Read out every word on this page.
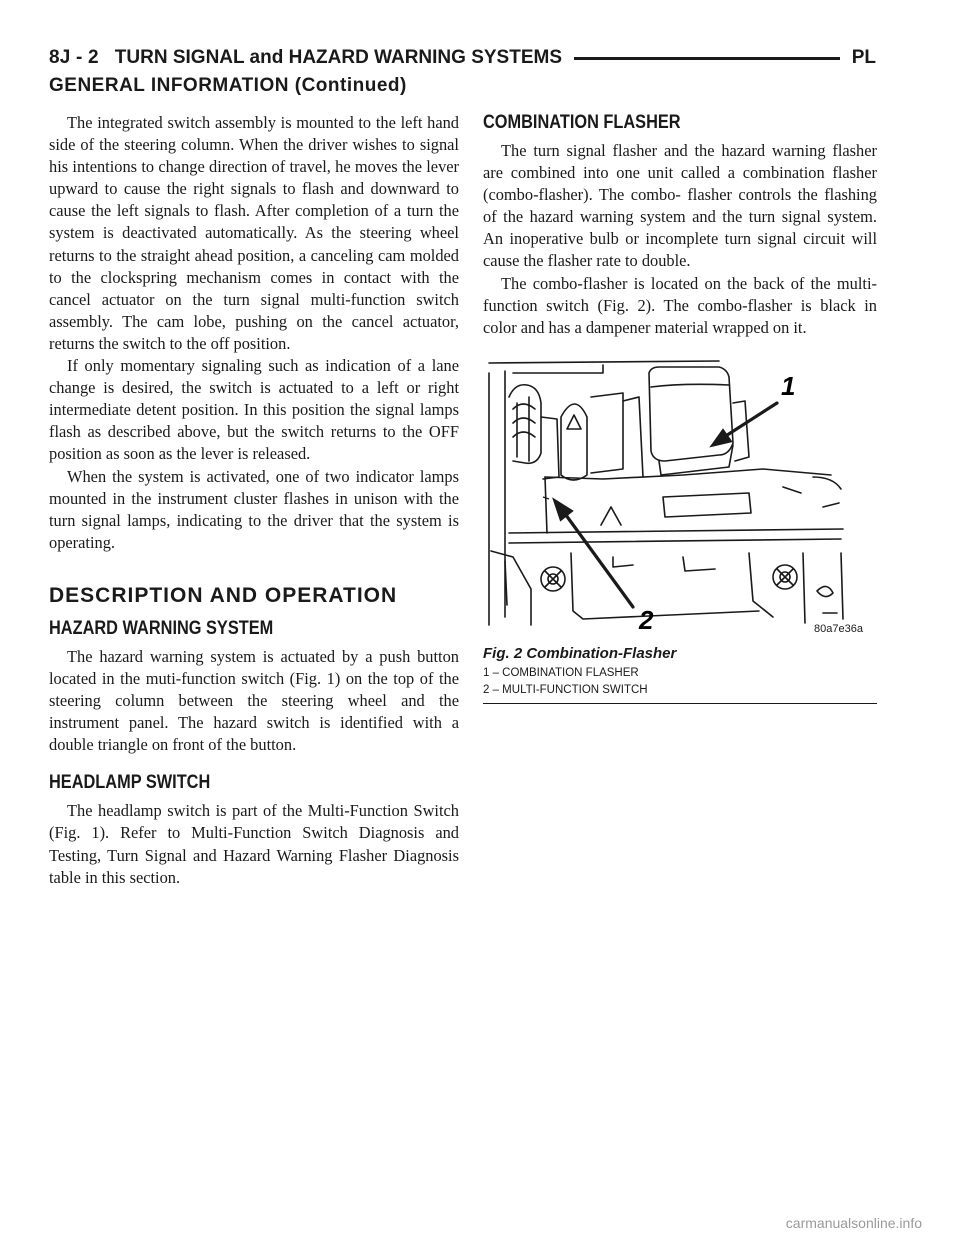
8J - 2 TURN SIGNAL and HAZARD WARNING SYSTEMS	PL
GENERAL INFORMATION (Continued)

The integrated switch assembly is mounted to the left hand side of the steering column. When the driver wishes to signal his intentions to change direction of travel, he moves the lever upward to cause the right signals to flash and downward to cause the left signals to flash. After completion of a turn the system is deactivated automatically. As the steering wheel returns to the straight ahead position, a canceling cam molded to the clockspring mechanism comes in contact with the cancel actuator on the turn signal multi-function switch assembly. The cam lobe, pushing on the cancel actuator, returns the switch to the off position.

If only momentary signaling such as indication of a lane change is desired, the switch is actuated to a left or right intermediate detent position. In this position the signal lamps flash as described above, but the switch returns to the OFF position as soon as the lever is released.

When the system is activated, one of two indicator lamps mounted in the instrument cluster flashes in unison with the turn signal lamps, indicating to the driver that the system is operating.

DESCRIPTION AND OPERATION
HAZARD WARNING SYSTEM

The hazard warning system is actuated by a push button located in the muti-function switch (Fig. 1) on the top of the steering column between the steering wheel and the instrument panel. The hazard switch is identified with a double triangle on front of the button.

HEADLAMP SWITCH

The headlamp switch is part of the Multi-Function Switch (Fig. 1). Refer to Multi-Function Switch Diagnosis and Testing, Turn Signal and Hazard Warning Flasher Diagnosis table in this section.

COMBINATION FLASHER

The turn signal flasher and the hazard warning flasher are combined into one unit called a combination flasher (combo-flasher). The combo- flasher controls the flashing of the hazard warning system and the turn signal system. An inoperative bulb or incomplete turn signal circuit will cause the flasher rate to double.

The combo-flasher is located on the back of the multi-function switch (Fig. 2). The combo-flasher is black in color and has a dampener material wrapped on it.

1
2	80a7e36a
Fig. 2 Combination-Flasher
1 – COMBINATION FLASHER
2 – MULTI-FUNCTION SWITCH
carmanualsonline.info
